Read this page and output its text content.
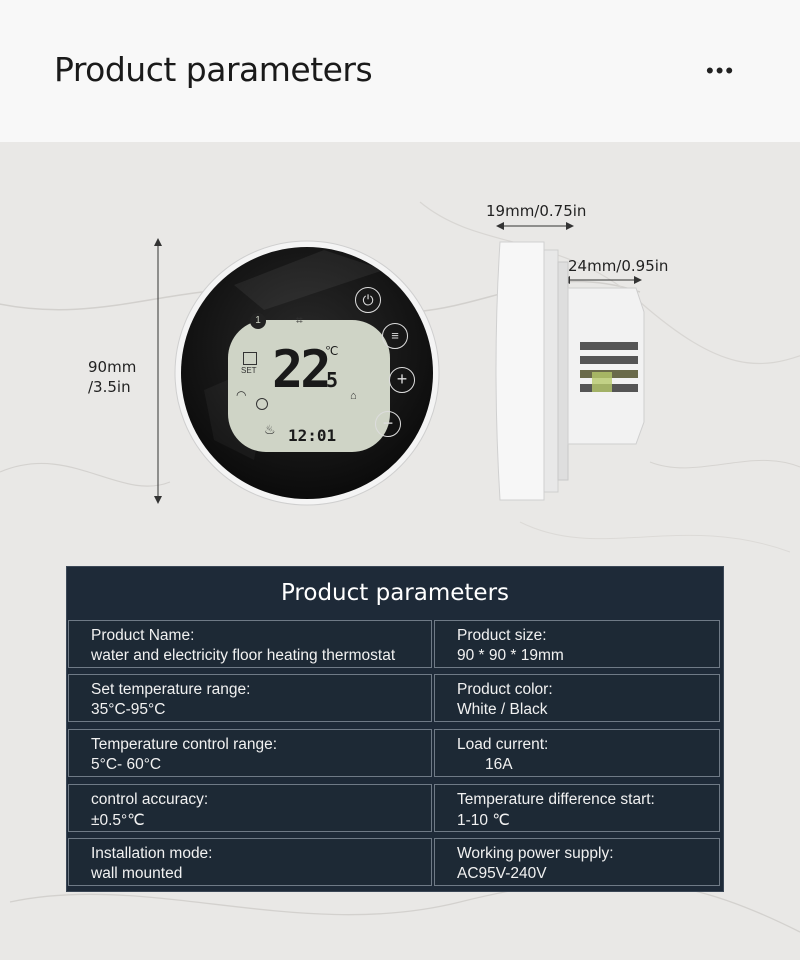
Product parameters	•••
90mm
/3.5in
1	⌗
SET 22
5
℃
◠	⌂
♨ 12:01
⏻
≡
+
−
19mm/0.75in
24mm/0.95in
Product parameters
Product Name:
water and electricity floor heating thermostat
Product size:
90 * 90 * 19mm
Set temperature range:
35°C-95°C
Product color:
White / Black
Temperature control range:
5°C- 60°C
Load current:
16A
control accuracy:
±0.5°℃
Temperature difference start:
1-10 ℃
Installation mode:
wall mounted
Working power supply:
AC95V-240V
